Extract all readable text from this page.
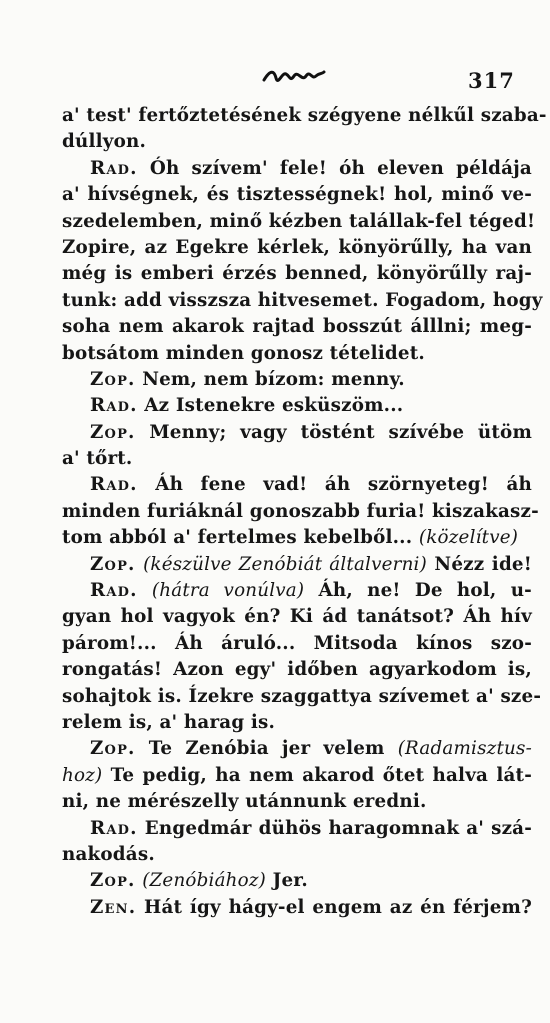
317
a' test' fertőztetésének szégyene nélkűl szaba-
dúllyon.
Rad. Óh szívem' fele! óh eleven példája
a' hívségnek, és tisztességnek! hol, minő ve-
szedelemben, minő kézben talállak-fel téged!
Zopire, az Egekre kérlek, könyörűlly, ha van
még is emberi érzés benned, könyörűlly raj-
tunk: add visszsza hitvesemet. Fogadom, hogy
soha nem akarok rajtad bosszút álllni; meg-
botsátom minden gonosz tételidet.
Zop. Nem, nem bízom: menny.
Rad. Az Istenekre esküszöm...
Zop. Menny; vagy töstént szívébe ütöm
a' tőrt.
Rad. Áh fene vad! áh szörnyeteg! áh
minden furiáknál gonoszabb furia! kiszakasz-
tom abból a' fertelmes kebelből... (közelítve)
Zop. (készülve Zenóbiát általverni) Nézz ide!
Rad. (hátra vonúlva) Áh, ne! De hol, u-
gyan hol vagyok én? Ki ád tanátsot? Áh hív
párom!... Áh áruló... Mitsoda kínos szo-
rongatás! Azon egy' időben agyarkodom is,
sohajtok is. Ízekre szaggattya szívemet a' sze-
relem is, a' harag is.
Zop. Te Zenóbia jer velem (Radamisztus-
hoz) Te pedig, ha nem akarod őtet halva lát-
ni, ne mérészelly utánnunk eredni.
Rad. Engedmár dühös haragomnak a' szá-
nakodás.
Zop. (Zenóbiához) Jer.
Zen. Hát így hágy-el engem az én férjem?
